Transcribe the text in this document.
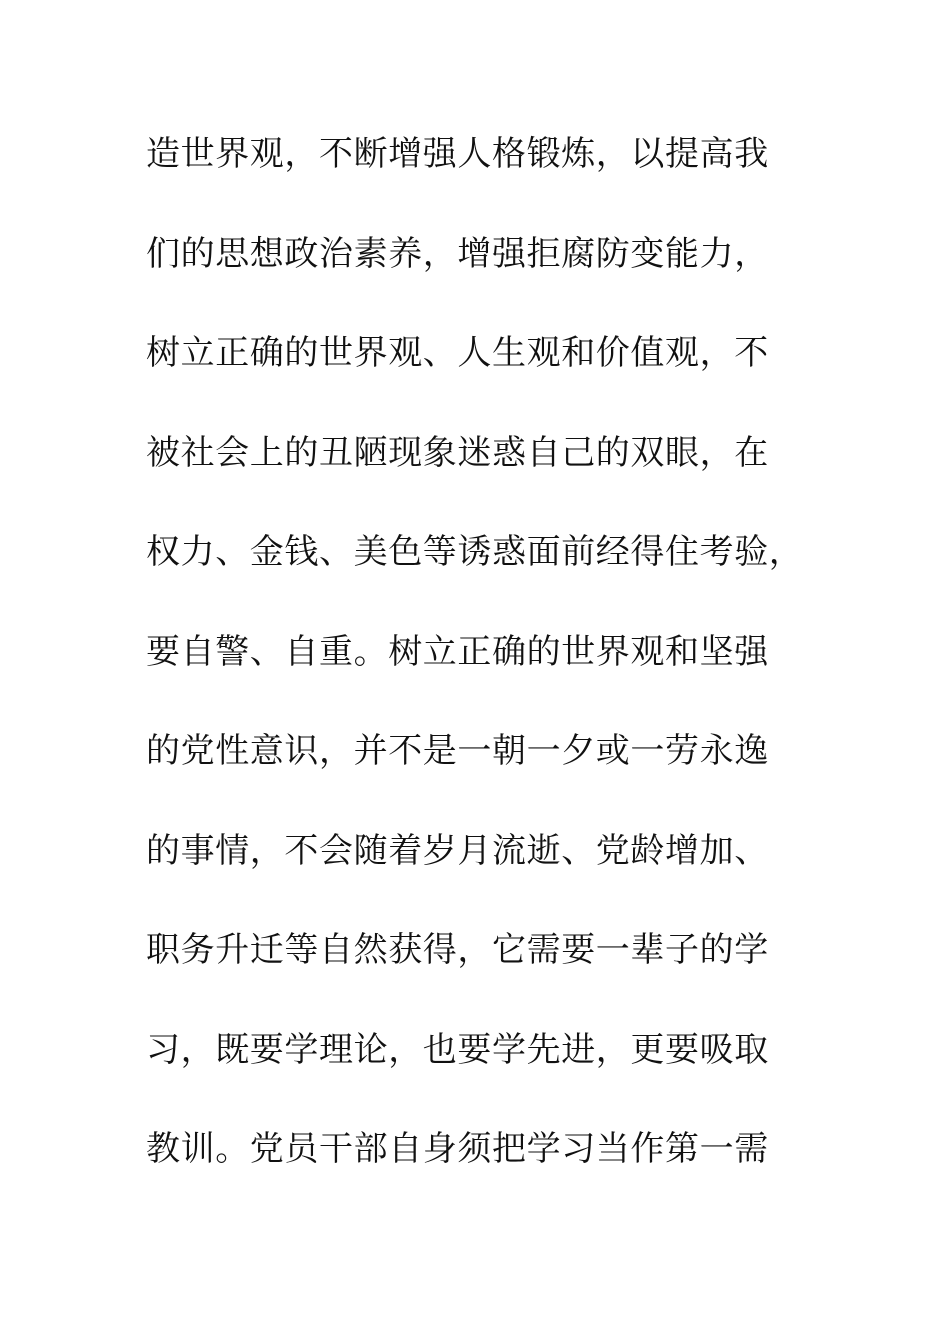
造世界观，不断增强人格锻炼，以提高我
们的思想政治素养，增强拒腐防变能力，
树立正确的世界观、人生观和价值观，不
被社会上的丑陋现象迷惑自己的双眼，在
权力、金钱、美色等诱惑面前经得住考验，
要自警、自重。树立正确的世界观和坚强
的党性意识，并不是一朝一夕或一劳永逸
的事情，不会随着岁月流逝、党龄增加、
职务升迁等自然获得，它需要一辈子的学
习，既要学理论，也要学先进，更要吸取
教训。党员干部自身须把学习当作第一需
